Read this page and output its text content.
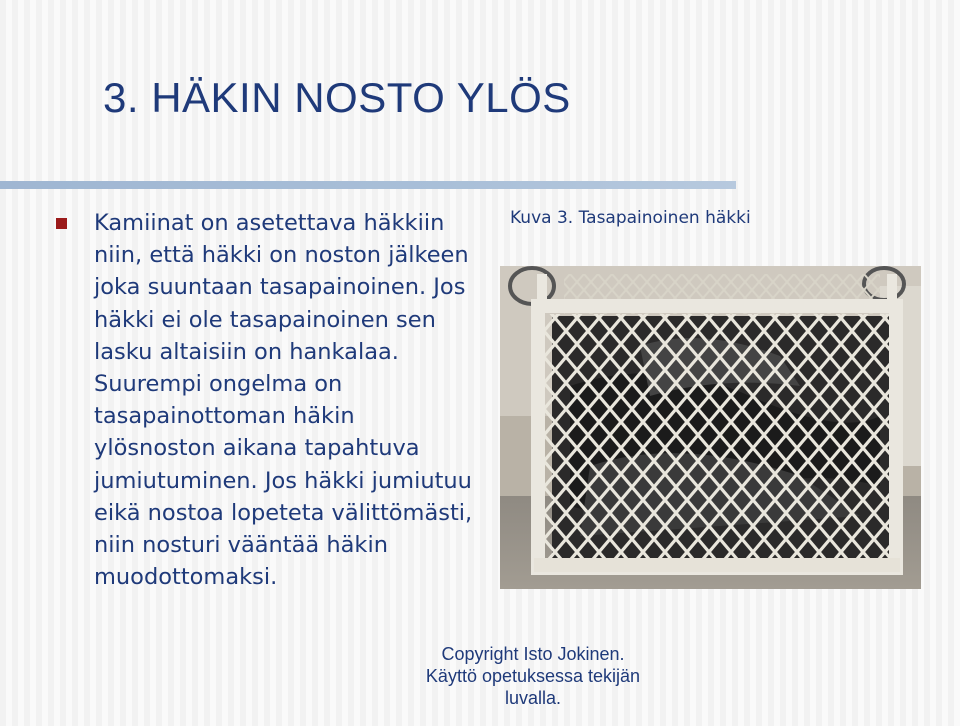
3. HÄKIN NOSTO YLÖS

Kamiinat on asetettava häkkiin niin, että häkki on noston jälkeen joka suuntaan tasapainoinen. Jos häkki ei ole tasapainoinen sen lasku altaisiin on hankalaa. Suurempi ongelma on tasapainottoman häkin ylösnoston aikana tapahtuva jumiutuminen. Jos häkki jumiutuu eikä nostoa lopeteta välittömästi, niin nosturi vääntää häkin muodottomaksi.

Kuva 3. Tasapainoinen häkki

Copyright Isto Jokinen.
Käyttö opetuksessa tekijän
luvalla.
